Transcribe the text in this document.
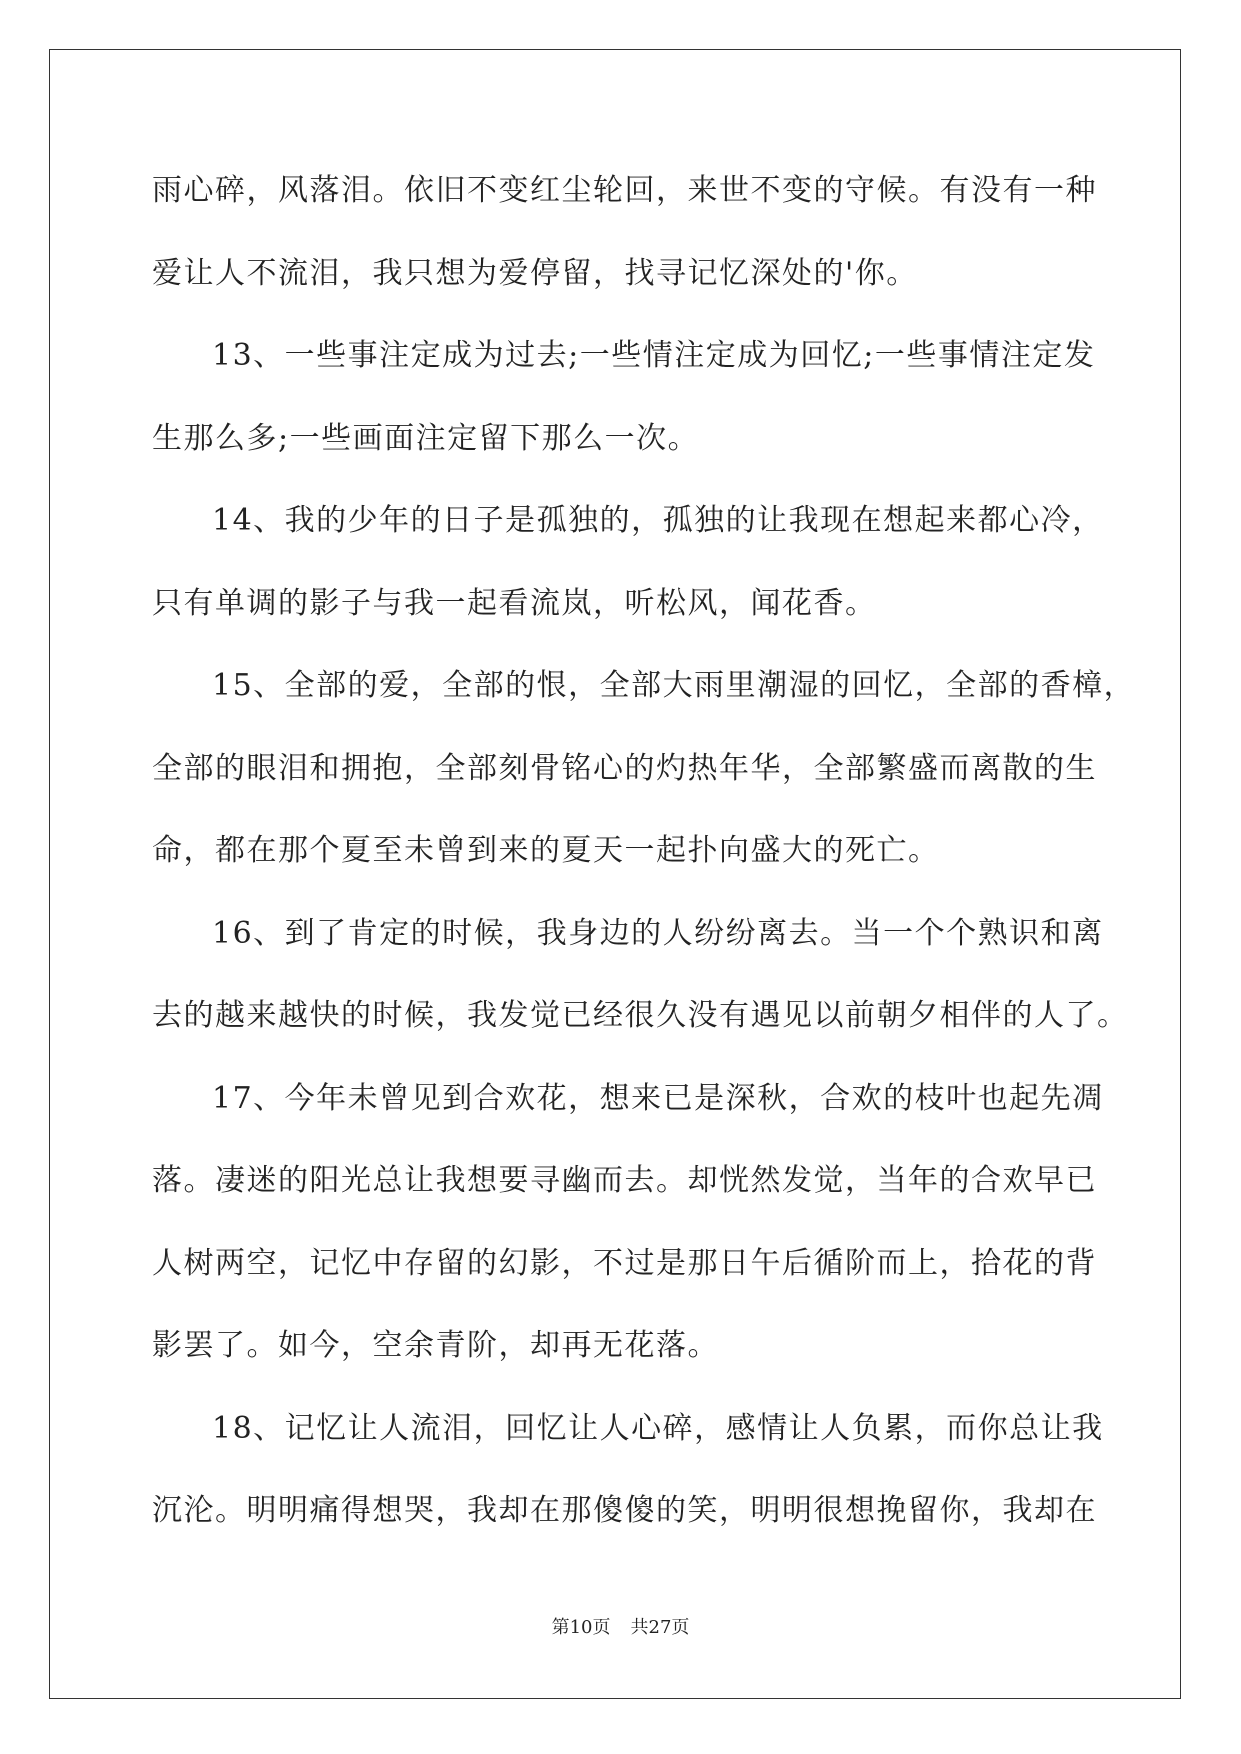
雨心碎，风落泪。依旧不变红尘轮回，来世不变的守候。有没有一种
爱让人不流泪，我只想为爱停留，找寻记忆深处的'你。
13、一些事注定成为过去;一些情注定成为回忆;一些事情注定发
生那么多;一些画面注定留下那么一次。
14、我的少年的日子是孤独的，孤独的让我现在想起来都心冷，
只有单调的影子与我一起看流岚，听松风，闻花香。
15、全部的爱，全部的恨，全部大雨里潮湿的回忆，全部的香樟，
全部的眼泪和拥抱，全部刻骨铭心的灼热年华，全部繁盛而离散的生
命，都在那个夏至未曾到来的夏天一起扑向盛大的死亡。
16、到了肯定的时候，我身边的人纷纷离去。当一个个熟识和离
去的越来越快的时候，我发觉已经很久没有遇见以前朝夕相伴的人了。
17、今年未曾见到合欢花，想来已是深秋，合欢的枝叶也起先凋
落。凄迷的阳光总让我想要寻幽而去。却恍然发觉，当年的合欢早已
人树两空，记忆中存留的幻影，不过是那日午后循阶而上，拾花的背
影罢了。如今，空余青阶，却再无花落。
18、记忆让人流泪，回忆让人心碎，感情让人负累，而你总让我
沉沦。明明痛得想哭，我却在那傻傻的笑，明明很想挽留你，我却在
第10页 共27页
